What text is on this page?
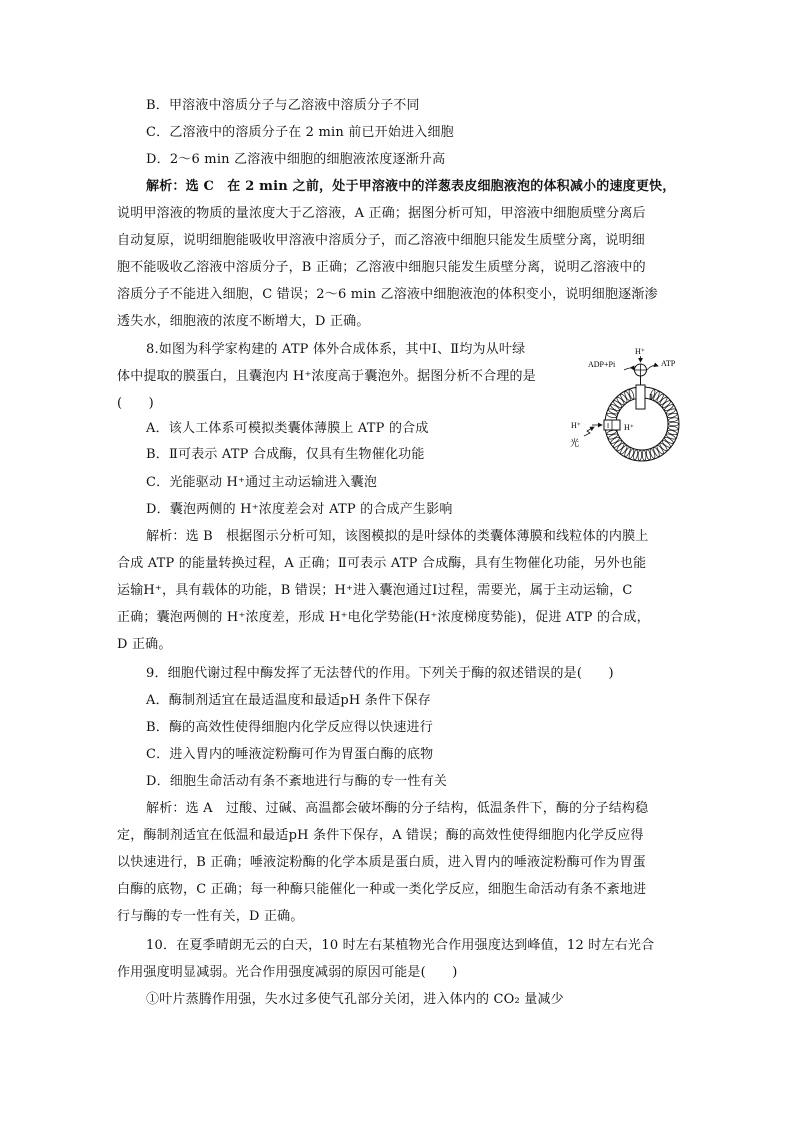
B．甲溶液中溶质分子与乙溶液中溶质分子不同
C．乙溶液中的溶质分子在 2 min 前已开始进入细胞
D．2～6 min 乙溶液中细胞的细胞液浓度逐渐升高
解析：选 C　在 2 min 之前，处于甲溶液中的洋葱表皮细胞液泡的体积减小的速度更快，
说明甲溶液的物质的量浓度大于乙溶液，A 正确；据图分析可知，甲溶液中细胞质壁分离后
自动复原，说明细胞能吸收甲溶液中溶质分子，而乙溶液中细胞只能发生质壁分离，说明细
胞不能吸收乙溶液中溶质分子，B 正确；乙溶液中细胞只能发生质壁分离，说明乙溶液中的
溶质分子不能进入细胞，C 错误；2～6 min 乙溶液中细胞液泡的体积变小，说明细胞逐渐渗
透失水，细胞液的浓度不断增大，D 正确。
8.如图为科学家构建的 ATP 体外合成体系，其中Ⅰ、Ⅱ均为从叶绿
体中提取的膜蛋白，且囊泡内 H⁺浓度高于囊泡外。据图分析不合理的是
(　　)
A．该人工体系可模拟类囊体薄膜上 ATP 的合成
B．Ⅱ可表示 ATP 合成酶，仅具有生物催化功能
C．光能驱动 H⁺通过主动运输进入囊泡
D．囊泡两侧的 H⁺浓度差会对 ATP 的合成产生影响
解析：选 B　根据图示分析可知，该图模拟的是叶绿体的类囊体薄膜和线粒体的内膜上
合成 ATP 的能量转换过程，A 正确；Ⅱ可表示 ATP 合成酶，具有生物催化功能，另外也能
运输H⁺，具有载体的功能，B 错误；H⁺进入囊泡通过Ⅰ过程，需要光，属于主动运输，C
正确；囊泡两侧的 H⁺浓度差，形成 H⁺电化学势能(H⁺浓度梯度势能)，促进 ATP 的合成，
D 正确。
9．细胞代谢过程中酶发挥了无法替代的作用。下列关于酶的叙述错误的是(　　)
A．酶制剂适宜在最适温度和最适pH 条件下保存
B．酶的高效性使得细胞内化学反应得以快速进行
C．进入胃内的唾液淀粉酶可作为胃蛋白酶的底物
D．细胞生命活动有条不紊地进行与酶的专一性有关
解析：选 A　过酸、过碱、高温都会破坏酶的分子结构，低温条件下，酶的分子结构稳
定，酶制剂适宜在低温和最适pH 条件下保存，A 错误；酶的高效性使得细胞内化学反应得
以快速进行，B 正确；唾液淀粉酶的化学本质是蛋白质，进入胃内的唾液淀粉酶可作为胃蛋
白酶的底物，C 正确；每一种酶只能催化一种或一类化学反应，细胞生命活动有条不紊地进
行与酶的专一性有关，D 正确。
10．在夏季晴朗无云的白天，10 时左右某植物光合作用强度达到峰值，12 时左右光合
作用强度明显减弱。光合作用强度减弱的原因可能是(　　)
①叶片蒸腾作用强，失水过多使气孔部分关闭，进入体内的 CO₂ 量减少
ADP+Pi	ATP
H⁺
H⁺	H⁺
Ⅰ
Ⅱ
光
